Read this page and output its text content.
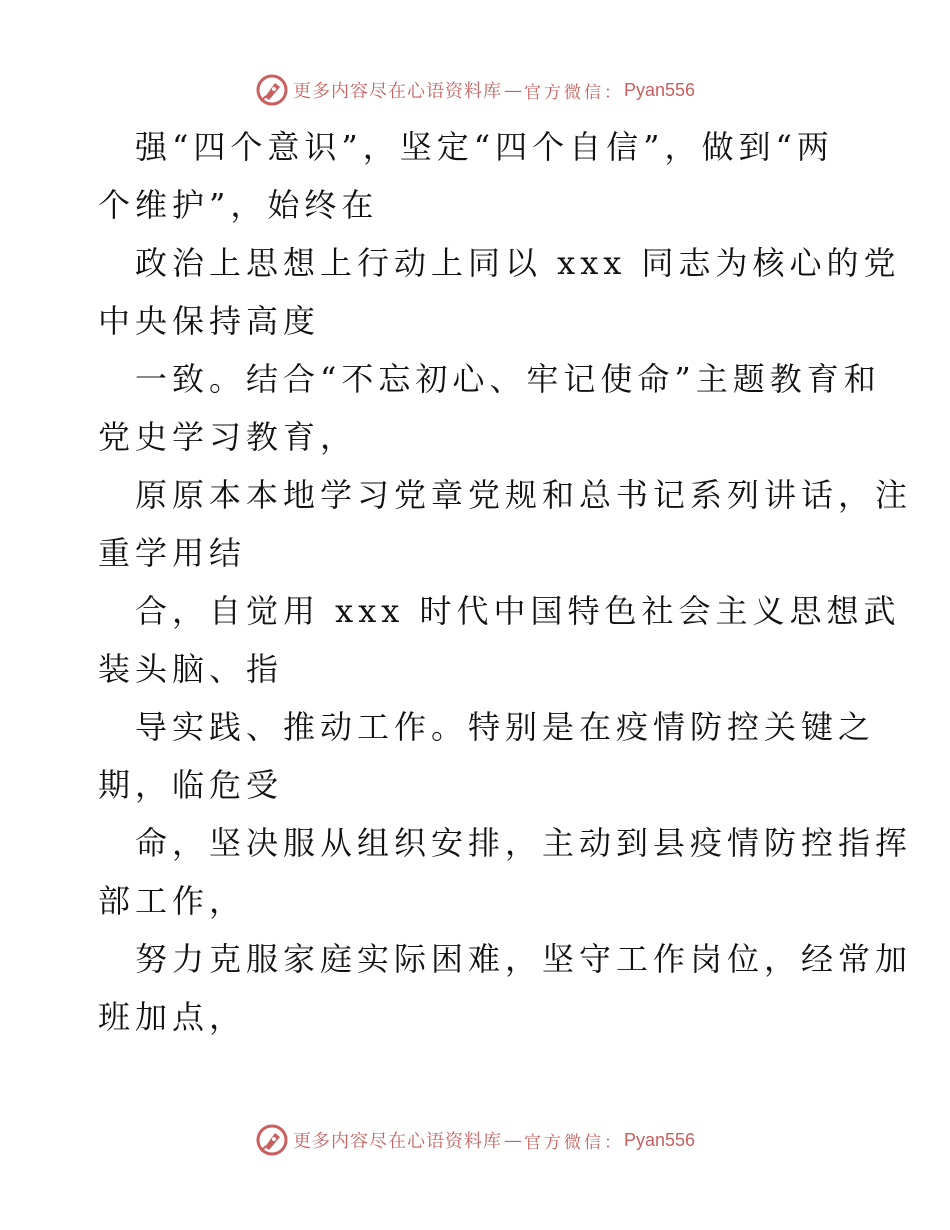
更多内容尽在心语资料库 — 官方微信： Pyan556
强“四个意识”，坚定“四个自信”，做到“两
个维护”，始终在
政治上思想上行动上同以 xxx 同志为核心的党
中央保持高度
一致。结合“不忘初心、牢记使命”主题教育和
党史学习教育，
原原本本地学习党章党规和总书记系列讲话，注
重学用结
合，自觉用 xxx 时代中国特色社会主义思想武
装头脑、指
导实践、推动工作。特别是在疫情防控关键之
期，临危受
命，坚决服从组织安排，主动到县疫情防控指挥
部工作，
努力克服家庭实际困难，坚守工作岗位，经常加
班加点，
更多内容尽在心语资料库 — 官方微信： Pyan556
